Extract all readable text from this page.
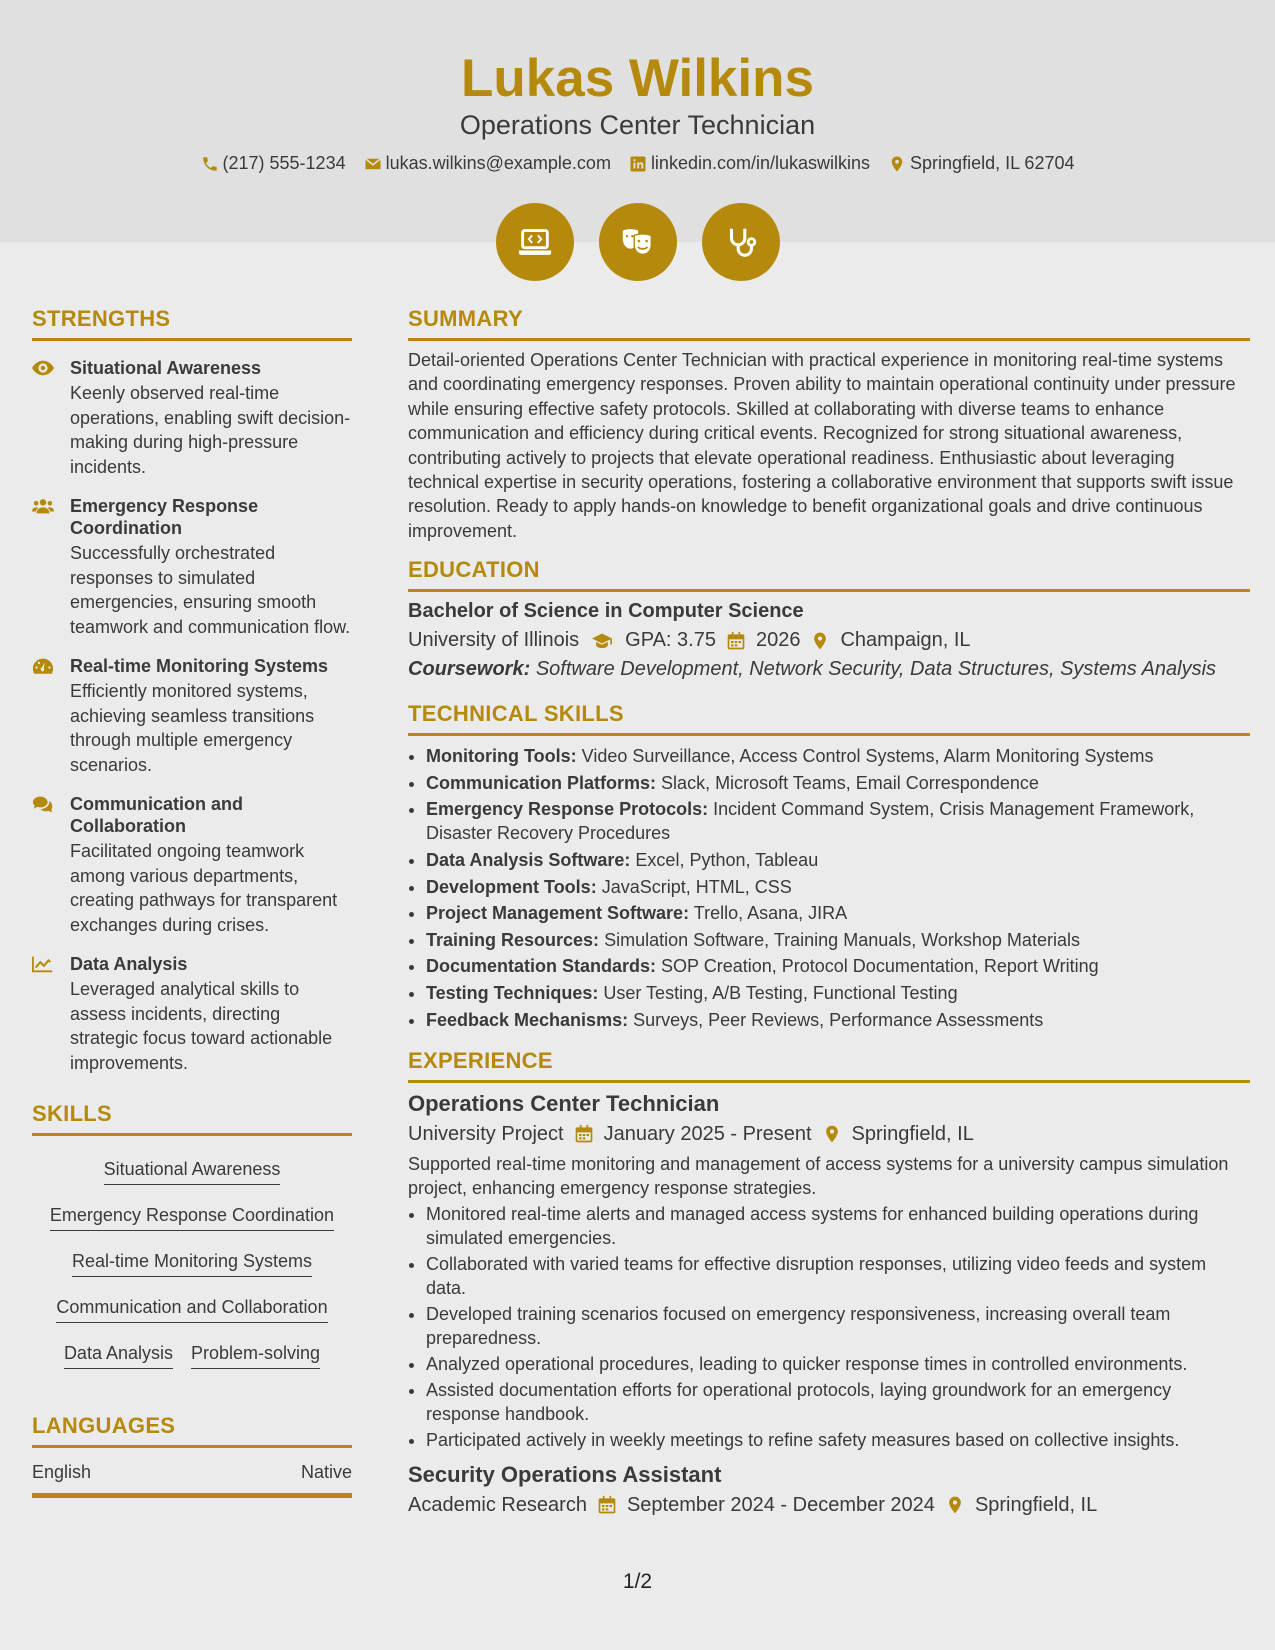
Lukas Wilkins
Operations Center Technician
(217) 555-1234 lukas.wilkins@example.com linkedin.com/in/lukaswilkins Springfield, IL 62704
STRENGTHS
Situational Awareness
Keenly observed real-time operations, enabling swift decision-making during high-pressure incidents.
Emergency Response Coordination
Successfully orchestrated responses to simulated emergencies, ensuring smooth teamwork and communication flow.
Real-time Monitoring Systems
Efficiently monitored systems, achieving seamless transitions through multiple emergency scenarios.
Communication and Collaboration
Facilitated ongoing teamwork among various departments, creating pathways for transparent exchanges during crises.
Data Analysis
Leveraged analytical skills to assess incidents, directing strategic focus toward actionable improvements.
SKILLS
Situational Awareness
Emergency Response Coordination
Real-time Monitoring Systems
Communication and Collaboration
Data Analysis Problem-solving
LANGUAGES
English	Native
SUMMARY
Detail-oriented Operations Center Technician with practical experience in monitoring real-time systems and coordinating emergency responses. Proven ability to maintain operational continuity under pressure while ensuring effective safety protocols. Skilled at collaborating with diverse teams to enhance communication and efficiency during critical events. Recognized for strong situational awareness, contributing actively to projects that elevate operational readiness. Enthusiastic about leveraging technical expertise in security operations, fostering a collaborative environment that supports swift issue resolution. Ready to apply hands-on knowledge to benefit organizational goals and drive continuous improvement.
EDUCATION
Bachelor of Science in Computer Science
University of Illinois GPA: 3.75 2026 Champaign, IL
Coursework: Software Development, Network Security, Data Structures, Systems Analysis
TECHNICAL SKILLS
• Monitoring Tools: Video Surveillance, Access Control Systems, Alarm Monitoring Systems
• Communication Platforms: Slack, Microsoft Teams, Email Correspondence
• Emergency Response Protocols: Incident Command System, Crisis Management Framework, Disaster Recovery Procedures
• Data Analysis Software: Excel, Python, Tableau
• Development Tools: JavaScript, HTML, CSS
• Project Management Software: Trello, Asana, JIRA
• Training Resources: Simulation Software, Training Manuals, Workshop Materials
• Documentation Standards: SOP Creation, Protocol Documentation, Report Writing
• Testing Techniques: User Testing, A/B Testing, Functional Testing
• Feedback Mechanisms: Surveys, Peer Reviews, Performance Assessments
EXPERIENCE
Operations Center Technician
University Project January 2025 - Present Springfield, IL
Supported real-time monitoring and management of access systems for a university campus simulation project, enhancing emergency response strategies.
• Monitored real-time alerts and managed access systems for enhanced building operations during simulated emergencies.
• Collaborated with varied teams for effective disruption responses, utilizing video feeds and system data.
• Developed training scenarios focused on emergency responsiveness, increasing overall team preparedness.
• Analyzed operational procedures, leading to quicker response times in controlled environments.
• Assisted documentation efforts for operational protocols, laying groundwork for an emergency response handbook.
• Participated actively in weekly meetings to refine safety measures based on collective insights.
Security Operations Assistant
Academic Research September 2024 - December 2024 Springfield, IL
1/2
